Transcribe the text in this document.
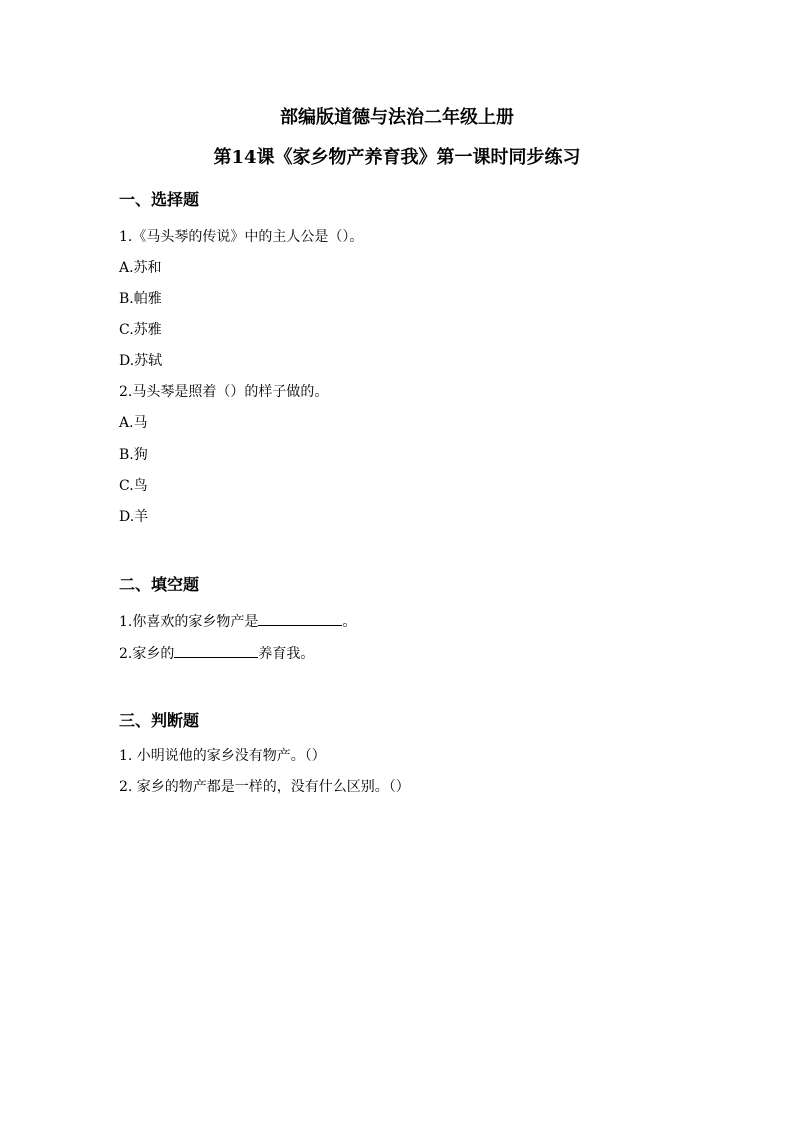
部编版道德与法治二年级上册
第14课《家乡物产养育我》第一课时同步练习
一、选择题
1.《马头琴的传说》中的主人公是（）。
A.苏和
B.帕雅
C.苏雅
D.苏轼
2.马头琴是照着（）的样子做的。
A.马
B.狗
C.鸟
D.羊
二、填空题
1.你喜欢的家乡物产是	。
2.家乡的	养育我。
三、判断题
1. 小明说他的家乡没有物产。（）
2. 家乡的物产都是一样的，没有什么区别。（）
